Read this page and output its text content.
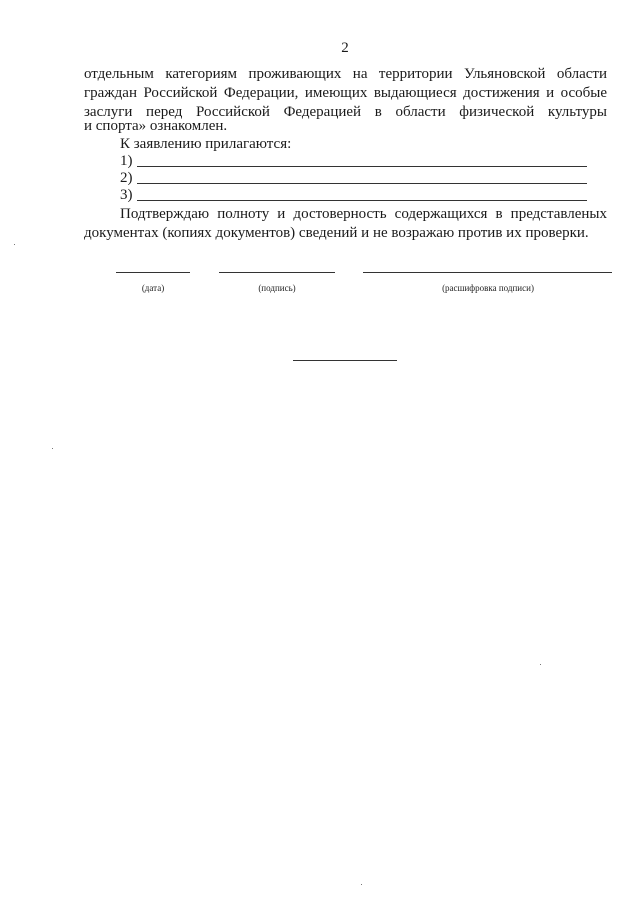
2
отдельным категориям проживающих на территории Ульяновской области
граждан Российской Федерации, имеющих выдающиеся достижения и особые
заслуги перед Российской Федерацией в области физической культуры
и спорта» ознакомлен.
К заявлению прилагаются:
1)
2)
3)
Подтверждаю полноту и достоверность содержащихся в представленых
документах (копиях документов) сведений и не возражаю против их проверки.
(дата)	(подпись)	(расшифровка подписи)
